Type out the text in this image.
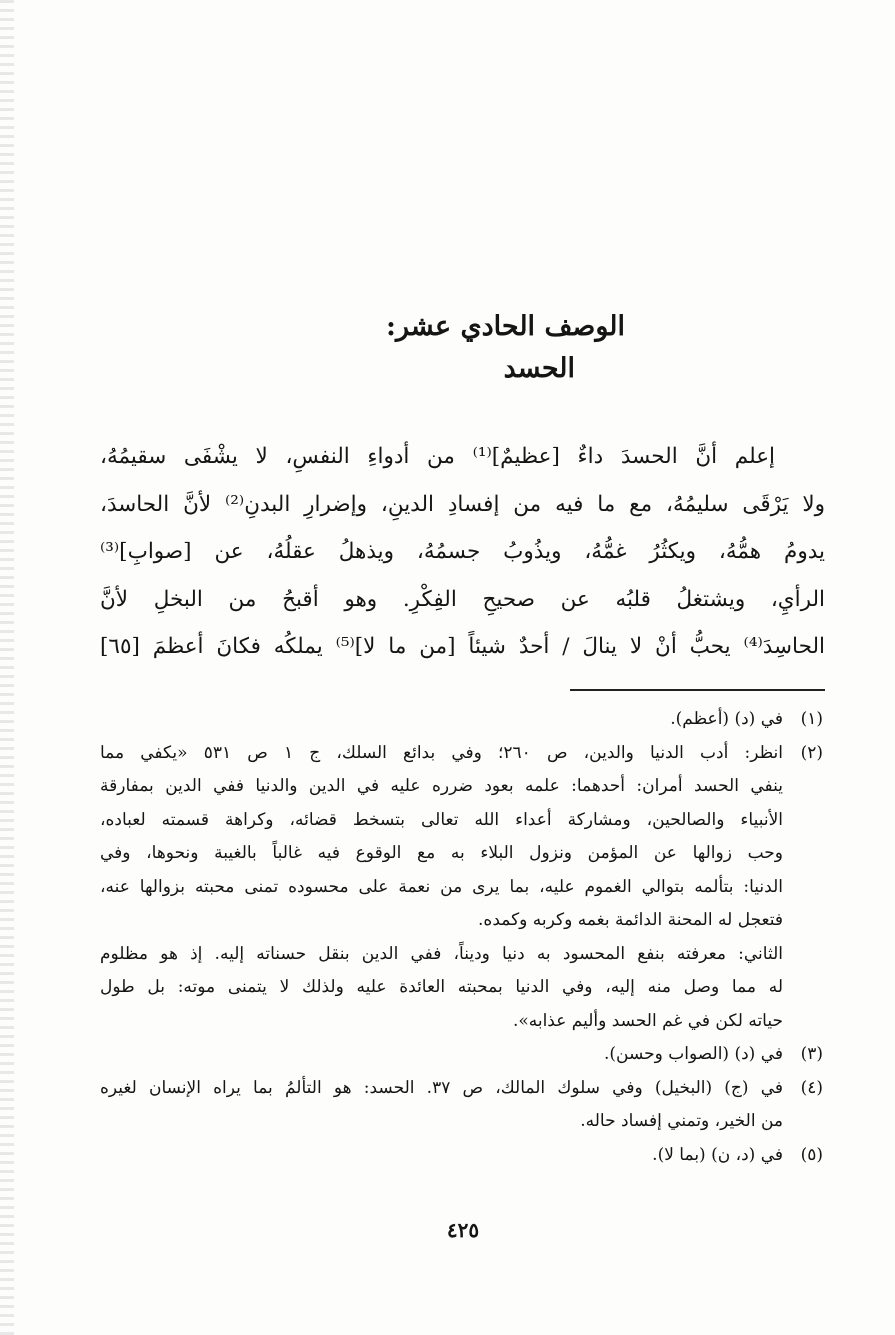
الوصف الحادي عشر:
الحسد
إعلم أنَّ الحسدَ داءٌ [عظيمٌ]⁽¹⁾ من أدواءِ النفسِ، لا يشْفَى سقيمُهُ،
ولا يَرْقَى سليمُهُ، مع ما فيه من إفسادِ الدينِ، وإضرارِ البدنِ⁽²⁾ لأنَّ الحاسدَ،
يدومُ همُّهُ، ويكثُرُ غمُّهُ، ويذُوبُ جسمُهُ، ويذهلُ عقلُهُ، عن [صوابِ]⁽³⁾
الرأيِ، ويشتغلُ قلبُه عن صحيحِ الفِكْرِ. وهو أقبحُ من البخلِ لأنَّ
الحاسِدَ⁽⁴⁾ يحبُّ أنْ لا ينالَ / أحدٌ شيئاً [من ما لا]⁽⁵⁾ يملكُه فكانَ أعظمَ [٦٥]
(١)
في (د) (أعظم).
(٢)
انظر: أدب الدنيا والدين، ص ٢٦٠؛ وفي بدائع السلك، ج ١ ص ٥٣١ «يكفي مما
ينفي الحسد أمران: أحدهما: علمه بعود ضرره عليه في الدين والدنيا ففي الدين بمفارقة
الأنبياء والصالحين، ومشاركة أعداء الله تعالى بتسخط قضائه، وكراهة قسمته لعباده،
وحب زوالها عن المؤمن ونزول البلاء به مع الوقوع فيه غالباً بالغيبة ونحوها، وفي
الدنيا: بتألمه بتوالي الغموم عليه، بما يرى من نعمة على محسوده تمنى محبته بزوالها عنه،
فتعجل له المحنة الدائمة بغمه وكربه وكمده.
الثاني: معرفته بنفع المحسود به دنيا وديناً، ففي الدين بنقل حسناته إليه. إذ هو مظلوم
له مما وصل منه إليه، وفي الدنيا بمحبته العائدة عليه ولذلك لا يتمنى موته: بل طول
حياته لكن في غم الحسد وأليم عذابه».
(٣)
في (د) (الصواب وحسن).
(٤)
في (ج) (البخيل) وفي سلوك المالك، ص ٣٧. الحسد: هو التألمُ بما يراه الإنسان لغيره
من الخير، وتمني إفساد حاله.
(٥)
في (د، ن) (بما لا).
٤٢٥
